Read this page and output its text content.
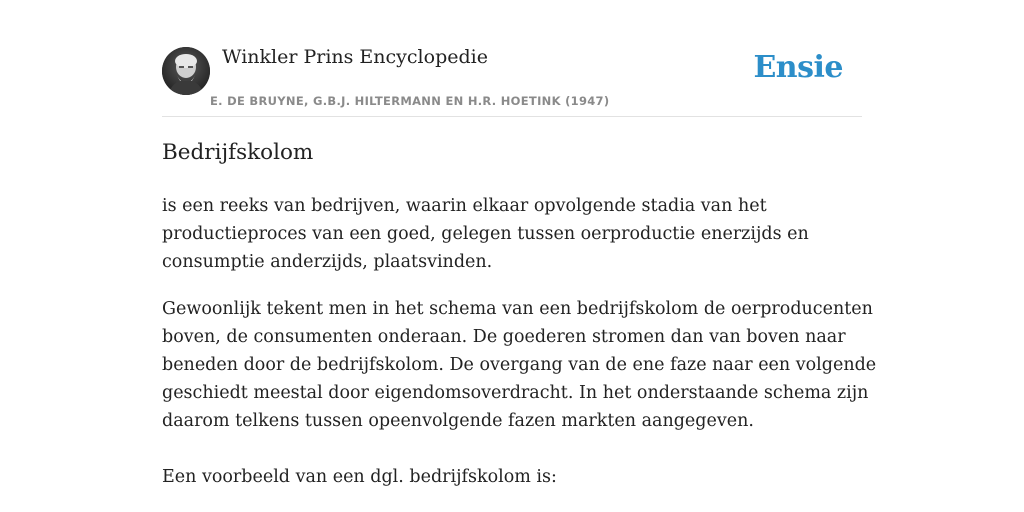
Winkler Prins Encyclopedie
E. DE BRUYNE, G.B.J. HILTERMANN EN H.R. HOETINK (1947)
Ensie
Bedrijfskolom

is een reeks van bedrijven, waarin elkaar opvolgende stadia van het
productieproces van een goed, gelegen tussen oerproductie enerzijds en
consumptie anderzijds, plaatsvinden.

Gewoonlijk tekent men in het schema van een bedrijfskolom de oerproducenten
boven, de consumenten onderaan. De goederen stromen dan van boven naar
beneden door de bedrijfskolom. De overgang van de ene faze naar een volgende
geschiedt meestal door eigendomsoverdracht. In het onderstaande schema zijn
daarom telkens tussen opeenvolgende fazen markten aangegeven.

Een voorbeeld van een dgl. bedrijfskolom is:
